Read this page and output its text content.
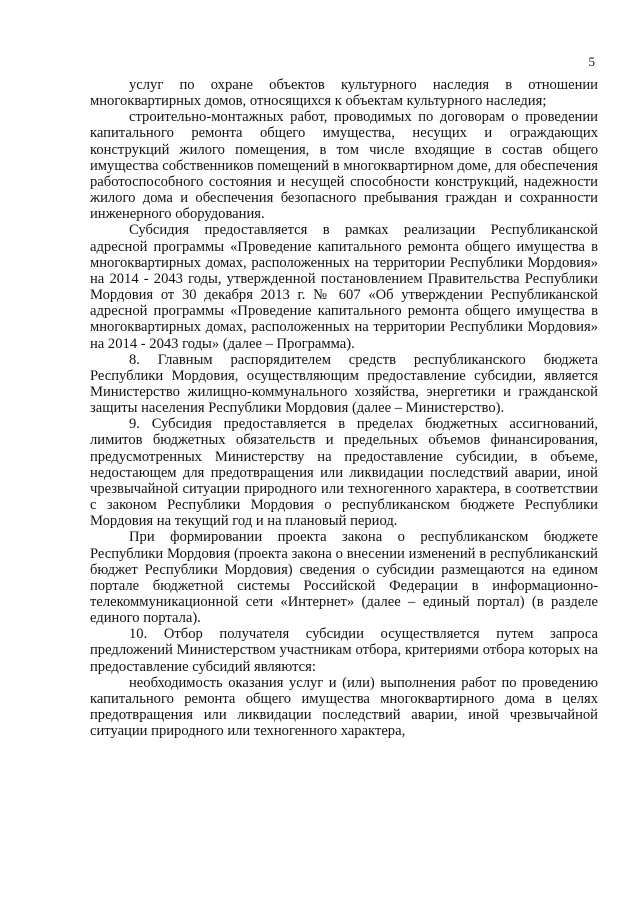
5

услуг по охране объектов культурного наследия в отношении многоквартирных домов, относящихся к объектам культурного наследия;

строительно-монтажных работ, проводимых по договорам о проведении капитального ремонта общего имущества, несущих и ограждающих конструкций жилого помещения, в том числе входящие в состав общего имущества собственников помещений в многоквартирном доме, для обеспечения работоспособного состояния и несущей способности конструкций, надежности жилого дома и обеспечения безопасного пребывания граждан и сохранности инженерного оборудования.

Субсидия предоставляется в рамках реализации Республиканской адресной программы «Проведение капитального ремонта общего имущества в многоквартирных домах, расположенных на территории Республики Мордовия» на 2014 - 2043 годы, утвержденной постановлением Правительства Республики Мордовия от 30 декабря 2013 г. № 607 «Об утверждении Республиканской адресной программы «Проведение капитального ремонта общего имущества в многоквартирных домах, расположенных на территории Республики Мордовия» на 2014 - 2043 годы» (далее – Программа).

8. Главным распорядителем средств республиканского бюджета Республики Мордовия, осуществляющим предоставление субсидии, является Министерство жилищно-коммунального хозяйства, энергетики и гражданской защиты населения Республики Мордовия (далее – Министерство).

9. Субсидия предоставляется в пределах бюджетных ассигнований, лимитов бюджетных обязательств и предельных объемов финансирования, предусмотренных Министерству на предоставление субсидии, в объеме, недостающем для предотвращения или ликвидации последствий аварии, иной чрезвычайной ситуации природного или техногенного характера, в соответствии с законом Республики Мордовия о республиканском бюджете Республики Мордовия на текущий год и на плановый период.

При формировании проекта закона о республиканском бюджете Республики Мордовия (проекта закона о внесении изменений в республиканский бюджет Республики Мордовия) сведения о субсидии размещаются на едином портале бюджетной системы Российской Федерации в информационно-телекоммуникационной сети «Интернет» (далее – единый портал) (в разделе единого портала).

10. Отбор получателя субсидии осуществляется путем запроса предложений Министерством участникам отбора, критериями отбора которых на предоставление субсидий являются:

необходимость оказания услуг и (или) выполнения работ по проведению капитального ремонта общего имущества многоквартирного дома в целях предотвращения или ликвидации последствий аварии, иной чрезвычайной ситуации природного или техногенного характера,
